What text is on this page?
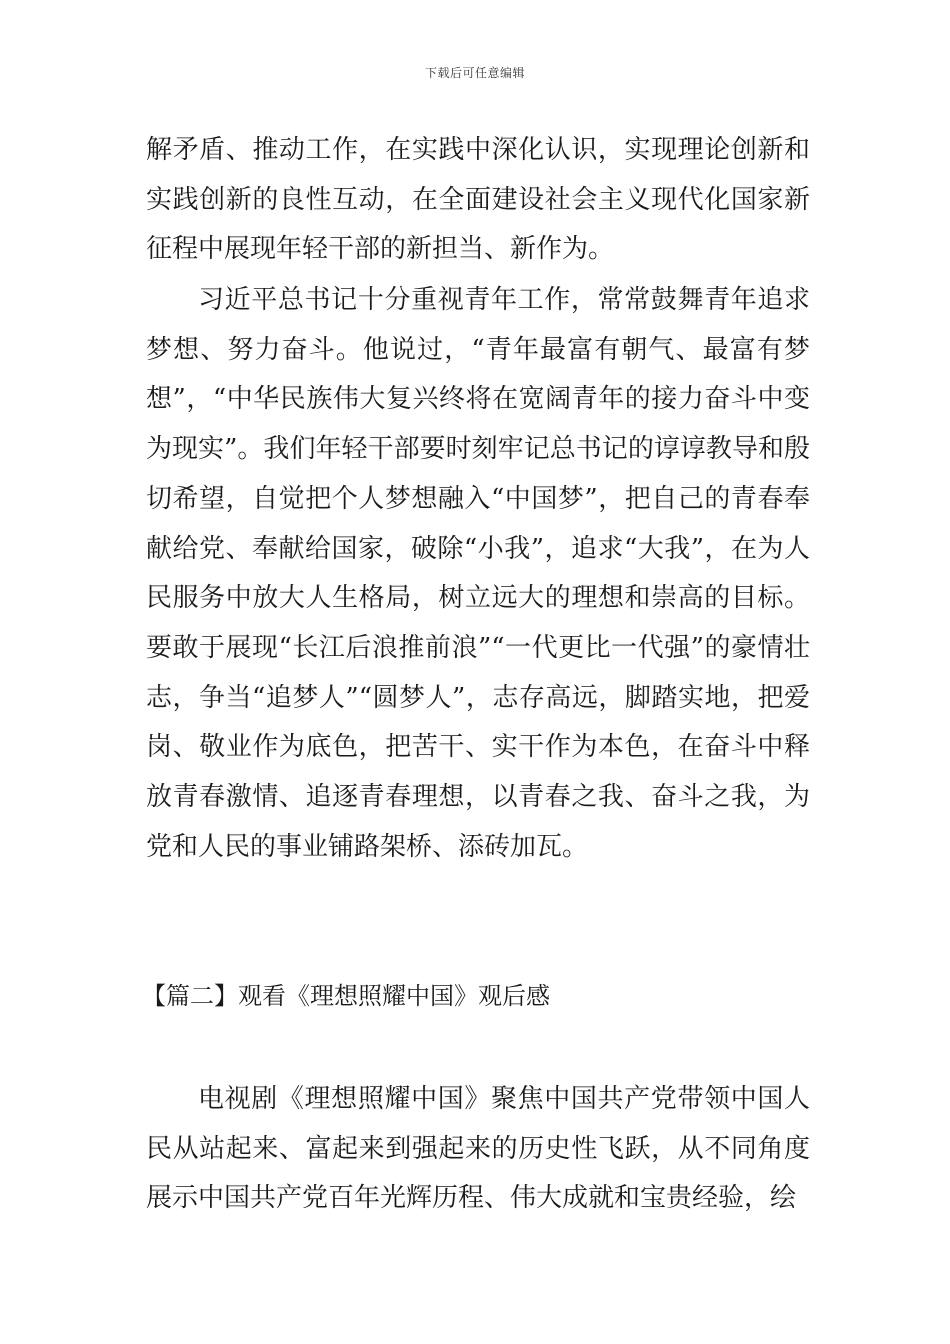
下载后可任意编辑

解矛盾、推动工作，在实践中深化认识，实现理论创新和实践创新的良性互动，在全面建设社会主义现代化国家新征程中展现年轻干部的新担当、新作为。

习近平总书记十分重视青年工作，常常鼓舞青年追求梦想、努力奋斗。他说过，“青年最富有朝气、最富有梦想”，“中华民族伟大复兴终将在宽阔青年的接力奋斗中变为现实”。我们年轻干部要时刻牢记总书记的谆谆教导和殷切希望，自觉把个人梦想融入“中国梦”，把自己的青春奉献给党、奉献给国家，破除“小我”，追求“大我”，在为人民服务中放大人生格局，树立远大的理想和崇高的目标。要敢于展现“长江后浪推前浪”“一代更比一代强”的豪情壮志，争当“追梦人”“圆梦人”，志存高远，脚踏实地，把爱岗、敬业作为底色，把苦干、实干作为本色，在奋斗中释放青春激情、追逐青春理想，以青春之我、奋斗之我，为党和人民的事业铺路架桥、添砖加瓦。

【篇二】观看《理想照耀中国》观后感

电视剧《理想照耀中国》聚焦中国共产党带领中国人民从站起来、富起来到强起来的历史性飞跃，从不同角度展示中国共产党百年光辉历程、伟大成就和宝贵经验，绘
